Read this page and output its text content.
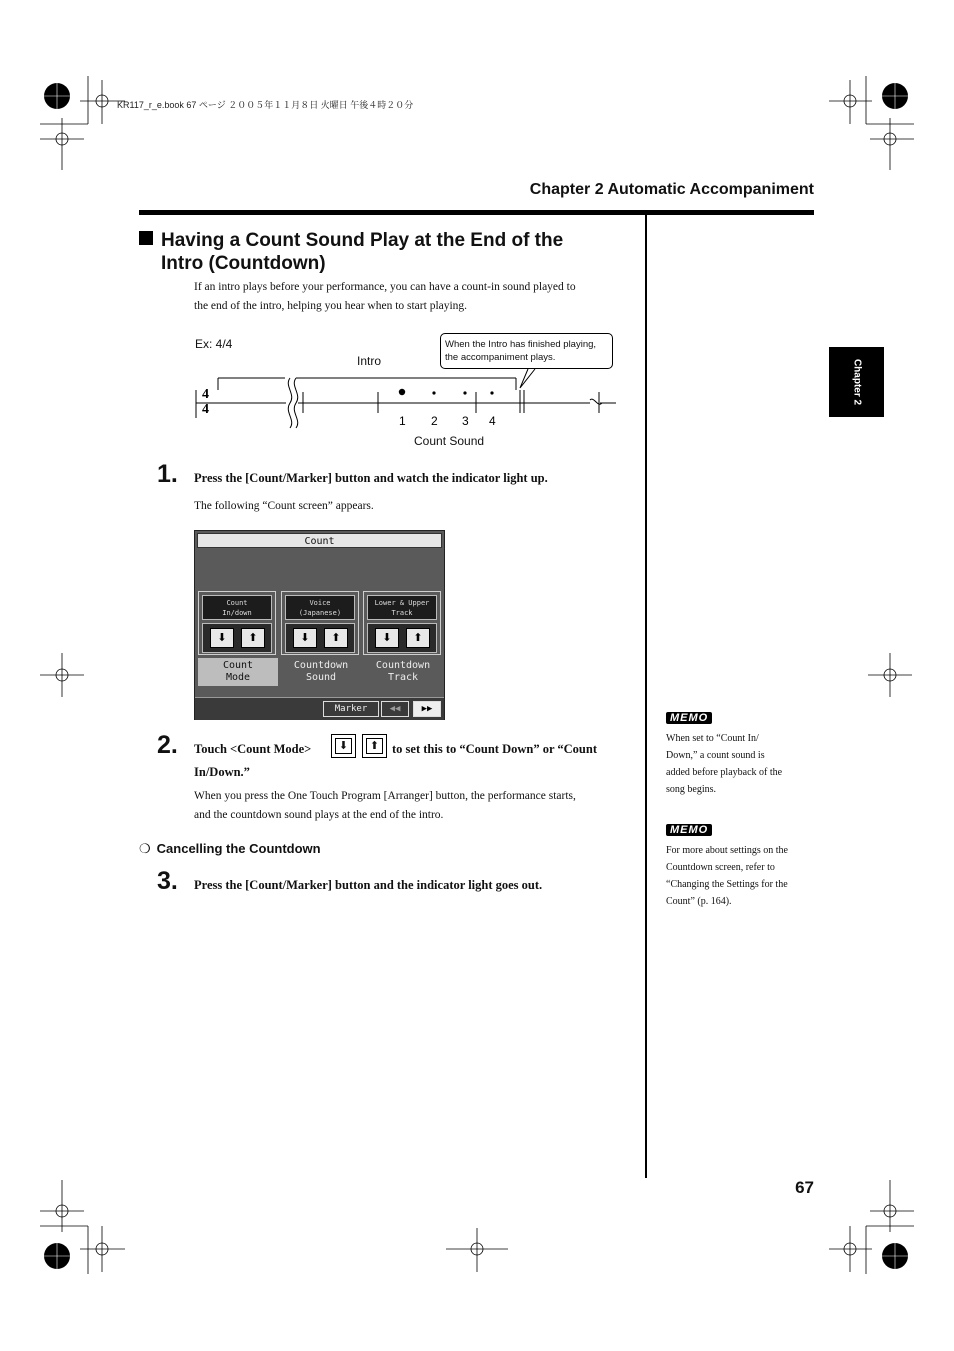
KR117_r_e.book 67 ページ ２００５年１１月８日 火曜日 午後４時２０分
Chapter 2 Automatic Accompaniment
Chapter 2
Having a Count Sound Play at the End of the
Intro (Countdown)
If an intro plays before your performance, you can have a count-in sound played to
the end of the intro, helping you hear when to start playing.
Ex: 4/4
Intro
When the Intro has finished playing,
the accompaniment plays.
4
4
1 2 3 4
Count Sound
1. Press the [Count/Marker] button and watch the indicator light up.
The following “Count screen” appears.
Count
Count
In/down
⬇	⬆
Voice
(Japanese)
⬇	⬆
Lower & Upper
Track
⬇	⬆
Count
Mode
Countdown
Sound
Countdown
Track
Marker	◀◀	▶▶
2. Touch <Count Mode>	⬇	⬆	to set this to “Count Down” or “Count
In/Down.”
When you press the One Touch Program [Arranger] button, the performance starts,
and the countdown sound plays at the end of the intro.
❍ Cancelling the Countdown
3. Press the [Count/Marker] button and the indicator light goes out.
MEMO
When set to “Count In/
Down,” a count sound is
added before playback of the
song begins.
MEMO
For more about settings on the
Countdown screen, refer to
“Changing the Settings for the
Count” (p. 164).
67
